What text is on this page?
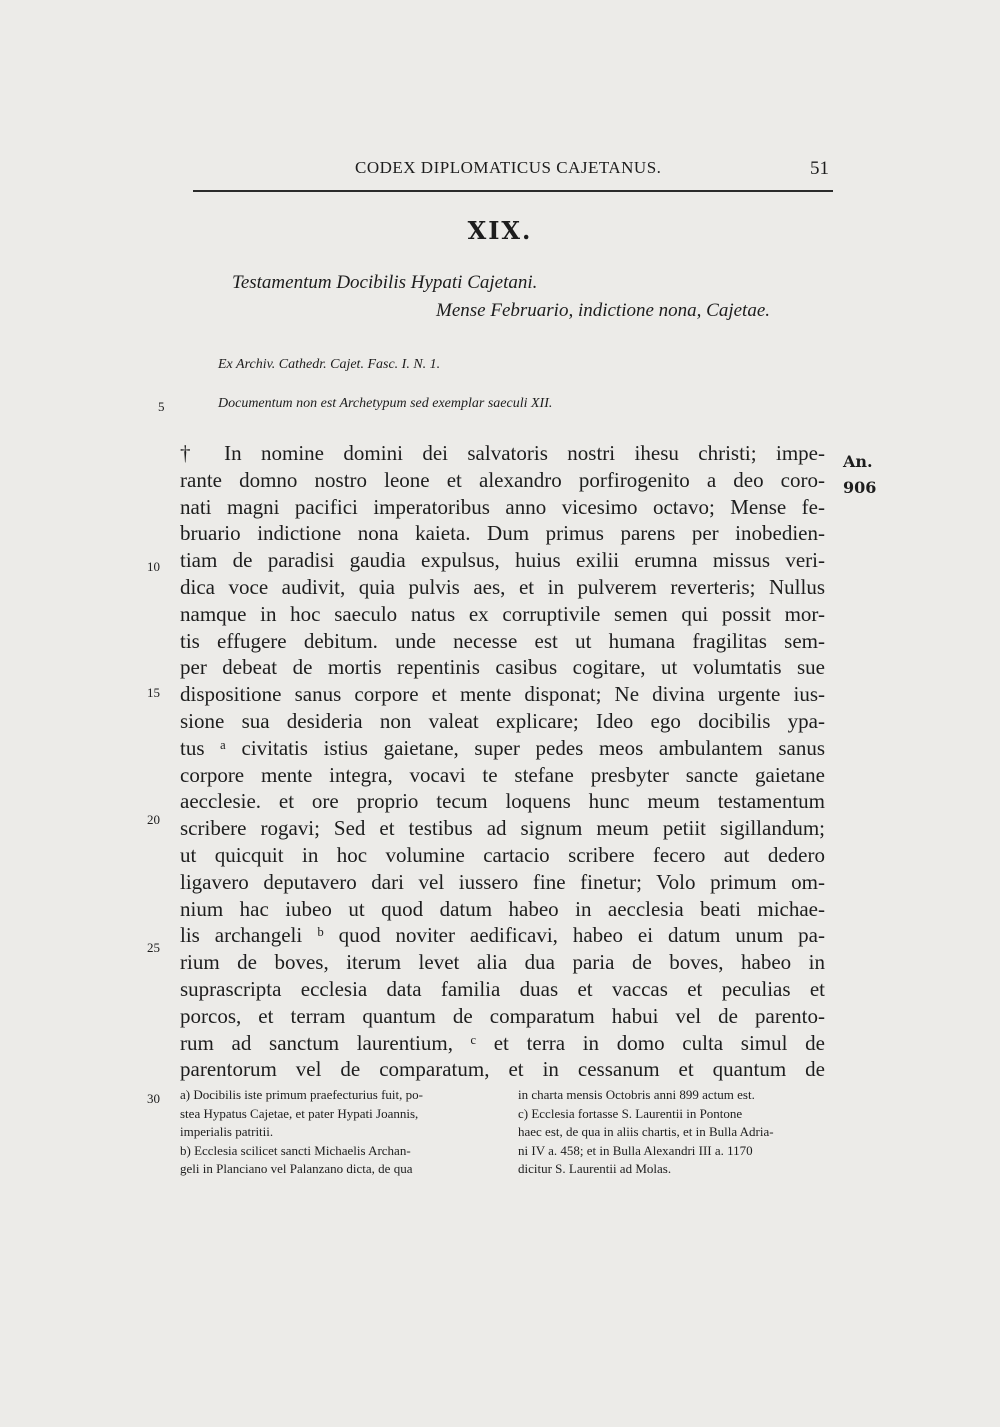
CODEX DIPLOMATICUS CAJETANUS.	51
XIX.
Testamentum Docibilis Hypati Cajetani.
Mense Februario, indictione nona, Cajetae.
Ex Archiv. Cathedr. Cajet. Fasc. I. N. 1.
Documentum non est Archetypum sed exemplar saeculi XII.
5
10
15
20
25
30
An.
906
† In nomine domini dei salvatoris nostri ihesu christi; impe-
rante domno nostro leone et alexandro porfirogenito a deo coro-
nati magni pacifici imperatoribus anno vicesimo octavo; Mense fe-
bruario indictione nona kaieta. Dum primus parens per inobedien-
tiam de paradisi gaudia expulsus, huius exilii erumna missus veri-
dica voce audivit, quia pulvis aes, et in pulverem reverteris; Nullus
namque in hoc saeculo natus ex corruptivile semen qui possit mor-
tis effugere debitum. unde necesse est ut humana fragilitas sem-
per debeat de mortis repentinis casibus cogitare, ut volumtatis sue
dispositione sanus corpore et mente disponat; Ne divina urgente ius-
sione sua desideria non valeat explicare; Ideo ego docibilis ypa-
tus ᵃ civitatis istius gaietane, super pedes meos ambulantem sanus
corpore mente integra, vocavi te stefane presbyter sancte gaietane
aecclesie. et ore proprio tecum loquens hunc meum testamentum
scribere rogavi; Sed et testibus ad signum meum petiit sigillandum;
ut quicquit in hoc volumine cartacio scribere fecero aut dedero
ligavero deputavero dari vel iussero fine finetur; Volo primum om-
nium hac iubeo ut quod datum habeo in aecclesia beati michae-
lis archangeli ᵇ quod noviter aedificavi, habeo ei datum unum pa-
rium de boves, iterum levet alia dua paria de boves, habeo in
suprascripta ecclesia data familia duas et vaccas et peculias et
porcos, et terram quantum de comparatum habui vel de parento-
rum ad sanctum laurentium, ᶜ et terra in domo culta simul de
parentorum vel de comparatum, et in cessanum et quantum de
a) Docibilis iste primum praefecturius fuit, po-
stea Hypatus Cajetae, et pater Hypati Joannis,
imperialis patritii.
b) Ecclesia scilicet sancti Michaelis Archan-
geli in Planciano vel Palanzano dicta, de qua
in charta mensis Octobris anni 899 actum est.
c) Ecclesia fortasse S. Laurentii in Pontone
haec est, de qua in aliis chartis, et in Bulla Adria-
ni IV a. 458; et in Bulla Alexandri III a. 1170
dicitur S. Laurentii ad Molas.
